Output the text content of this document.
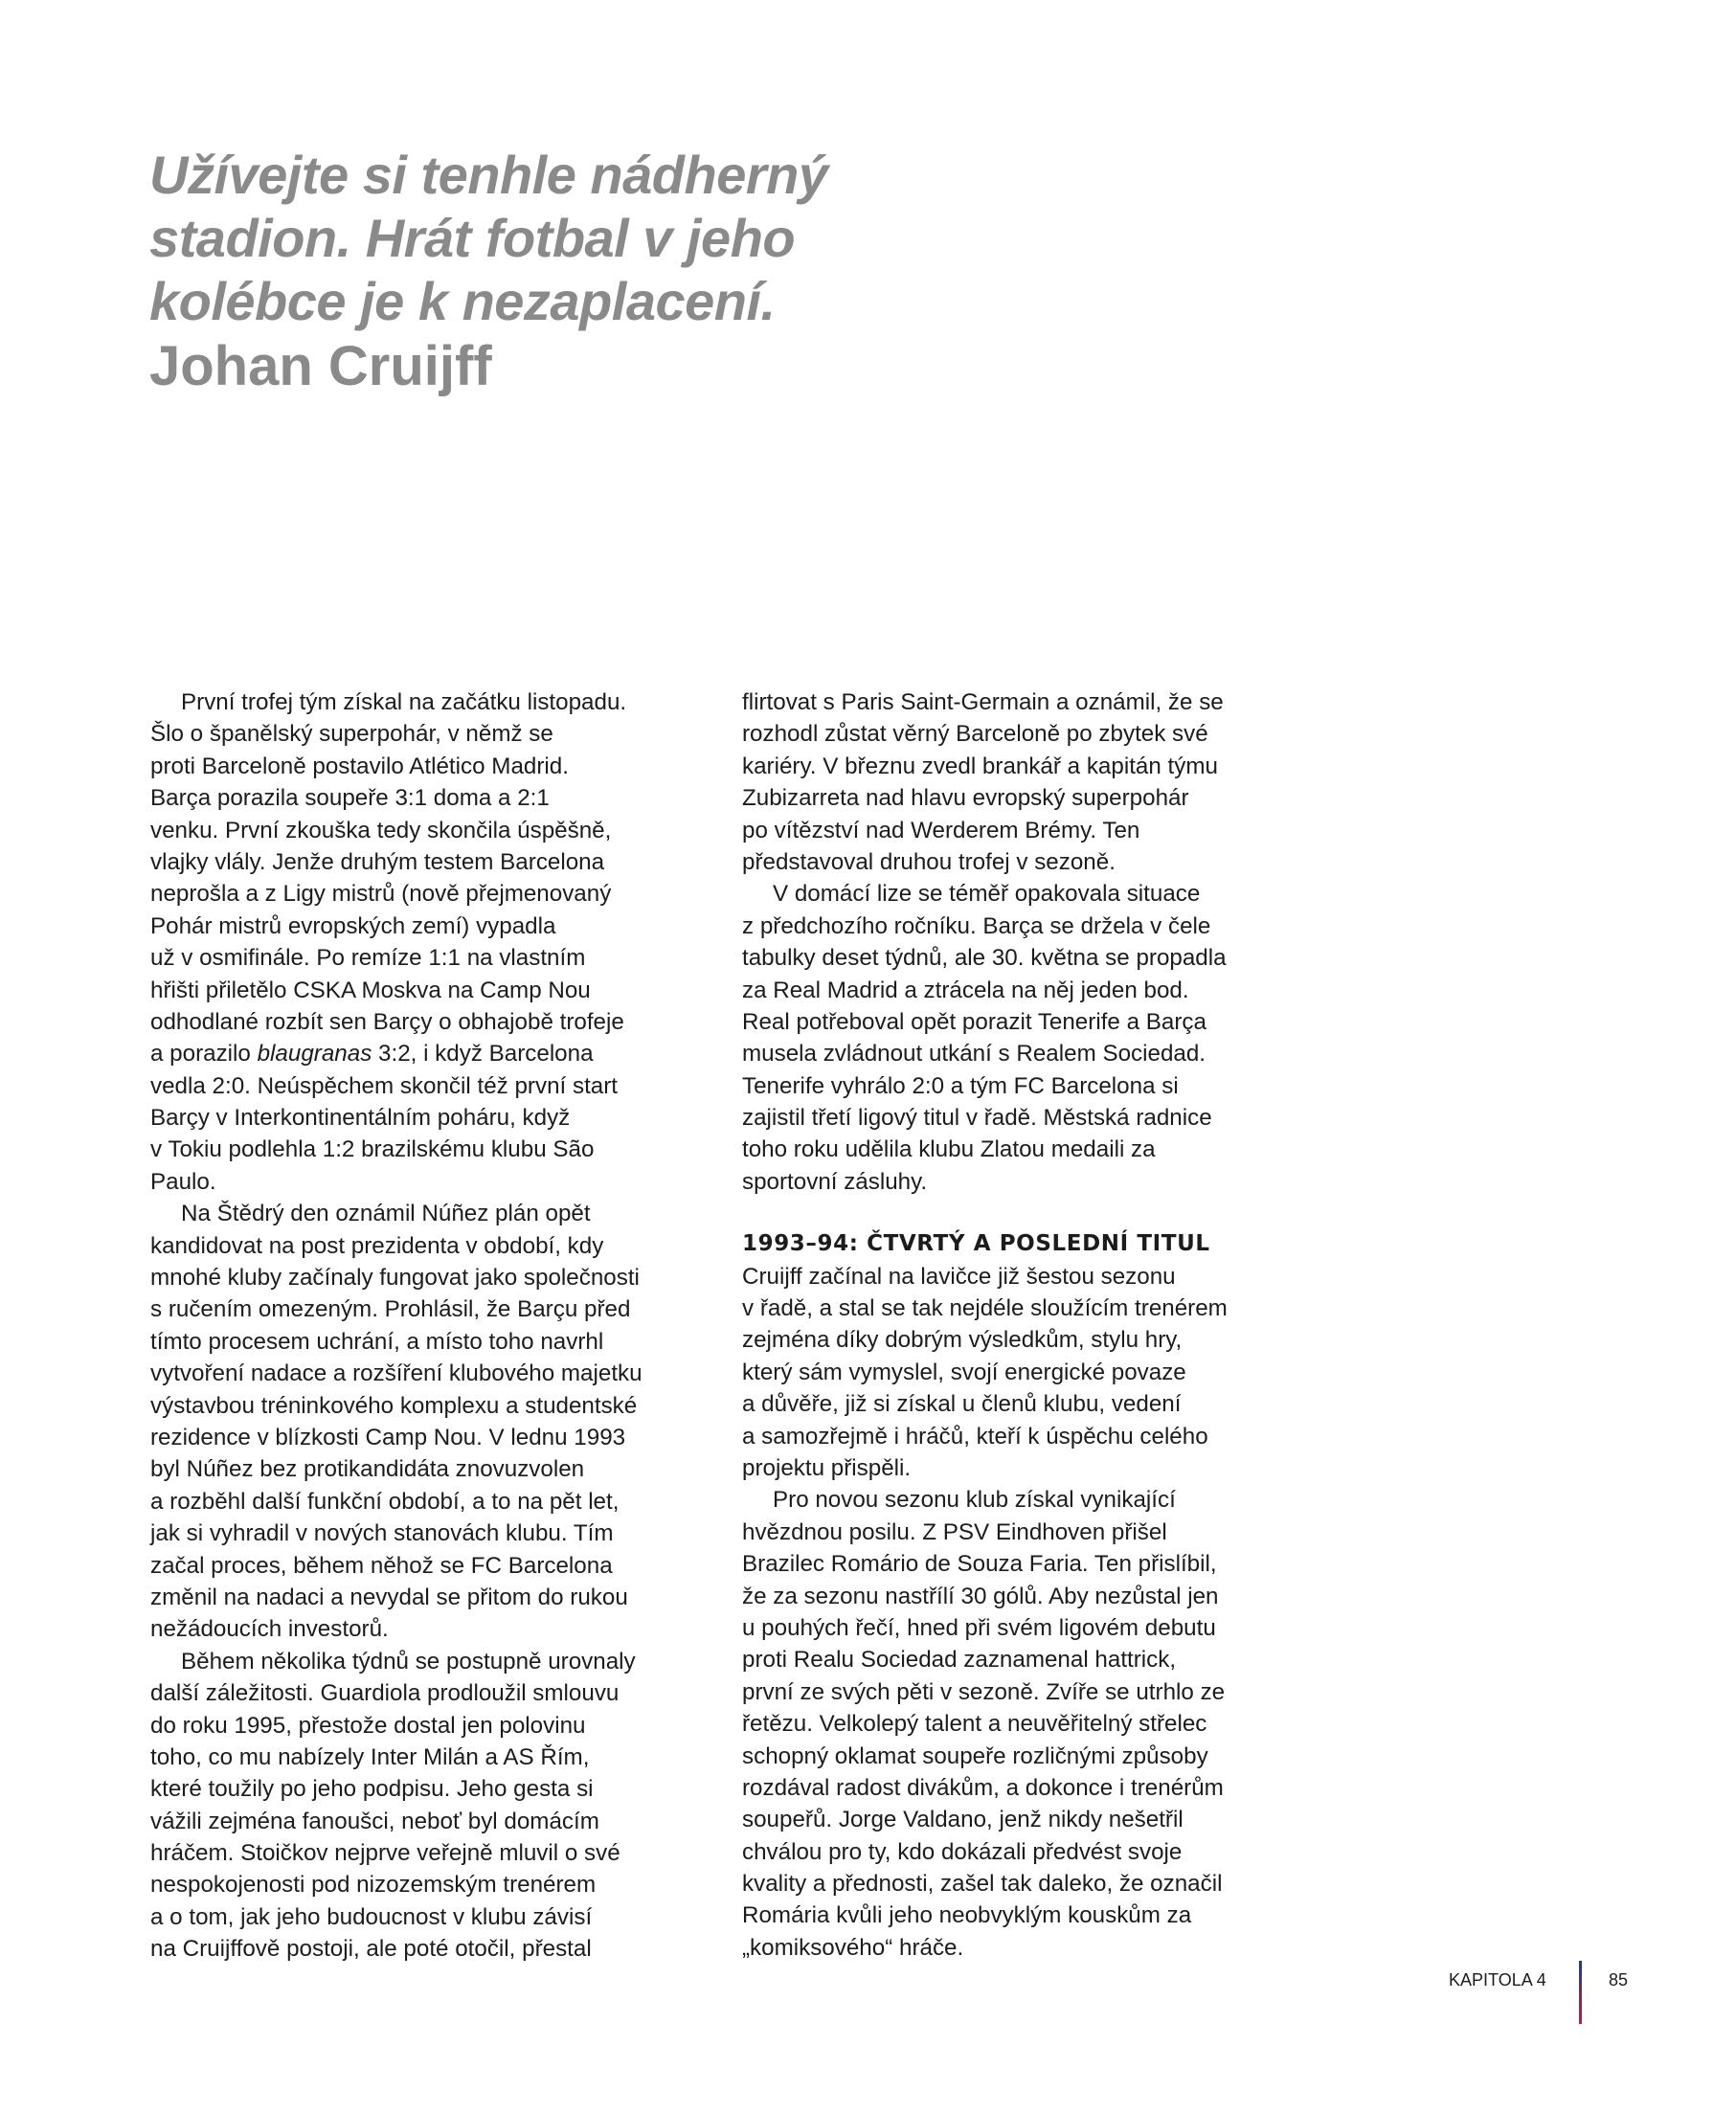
Užívejte si tenhle nádherný
stadion. Hrát fotbal v jeho
kolébce je k nezaplacení.
Johan Cruijff
První trofej tým získal na začátku listopadu.
Šlo o španělský superpohár, v němž se
proti Barceloně postavilo Atlético Madrid.
Barça porazila soupeře 3:1 doma a 2:1
venku. První zkouška tedy skončila úspěšně,
vlajky vlály. Jenže druhým testem Barcelona
neprošla a z Ligy mistrů (nově přejmenovaný
Pohár mistrů evropských zemí) vypadla
už v osmifinále. Po remíze 1:1 na vlastním
hřišti přiletělo CSKA Moskva na Camp Nou
odhodlané rozbít sen Barçy o obhajobě trofeje
a porazilo blaugranas 3:2, i když Barcelona
vedla 2:0. Neúspěchem skončil též první start
Barçy v Interkontinentálním poháru, když
v Tokiu podlehla 1:2 brazilskému klubu São
Paulo.
Na Štědrý den oznámil Núñez plán opět
kandidovat na post prezidenta v období, kdy
mnohé kluby začínaly fungovat jako společnosti
s ručením omezeným. Prohlásil, že Barçu před
tímto procesem uchrání, a místo toho navrhl
vytvoření nadace a rozšíření klubového majetku
výstavbou tréninkového komplexu a studentské
rezidence v blízkosti Camp Nou. V lednu 1993
byl Núñez bez protikandidáta znovuzvolen
a rozběhl další funkční období, a to na pět let,
jak si vyhradil v nových stanovách klubu. Tím
začal proces, během něhož se FC Barcelona
změnil na nadaci a nevydal se přitom do rukou
nežádoucích investorů.
Během několika týdnů se postupně urovnaly
další záležitosti. Guardiola prodloužil smlouvu
do roku 1995, přestože dostal jen polovinu
toho, co mu nabízely Inter Milán a AS Řím,
které toužily po jeho podpisu. Jeho gesta si
vážili zejména fanoušci, neboť byl domácím
hráčem. Stoičkov nejprve veřejně mluvil o své
nespokojenosti pod nizozemským trenérem
a o tom, jak jeho budoucnost v klubu závisí
na Cruijffově postoji, ale poté otočil, přestal
flirtovat s Paris Saint-Germain a oznámil, že se
rozhodl zůstat věrný Barceloně po zbytek své
kariéry. V březnu zvedl brankář a kapitán týmu
Zubizarreta nad hlavu evropský superpohár
po vítězství nad Werderem Brémy. Ten
představoval druhou trofej v sezoně.
V domácí lize se téměř opakovala situace
z předchozího ročníku. Barça se držela v čele
tabulky deset týdnů, ale 30. května se propadla
za Real Madrid a ztrácela na něj jeden bod.
Real potřeboval opět porazit Tenerife a Barça
musela zvládnout utkání s Realem Sociedad.
Tenerife vyhrálo 2:0 a tým FC Barcelona si
zajistil třetí ligový titul v řadě. Městská radnice
toho roku udělila klubu Zlatou medaili za
sportovní zásluhy.
1993–94: ČTVRTÝ A POSLEDNÍ TITUL
Cruijff začínal na lavičce již šestou sezonu
v řadě, a stal se tak nejdéle sloužícím trenérem
zejména díky dobrým výsledkům, stylu hry,
který sám vymyslel, svojí energické povaze
a důvěře, již si získal u členů klubu, vedení
a samozřejmě i hráčů, kteří k úspěchu celého
projektu přispěli.
Pro novou sezonu klub získal vynikající
hvězdnou posilu. Z PSV Eindhoven přišel
Brazilec Romário de Souza Faria. Ten přislíbil,
že za sezonu nastřílí 30 gólů. Aby nezůstal jen
u pouhých řečí, hned při svém ligovém debutu
proti Realu Sociedad zaznamenal hattrick,
první ze svých pěti v sezoně. Zvíře se utrhlo ze
řetězu. Velkolepý talent a neuvěřitelný střelec
schopný oklamat soupeře rozličnými způsoby
rozdával radost divákům, a dokonce i trenérům
soupeřů. Jorge Valdano, jenž nikdy nešetřil
chválou pro ty, kdo dokázali předvést svoje
kvality a přednosti, zašel tak daleko, že označil
Romária kvůli jeho neobvyklým kouskům za
„komiksového“ hráče.
KAPITOLA 4	85
